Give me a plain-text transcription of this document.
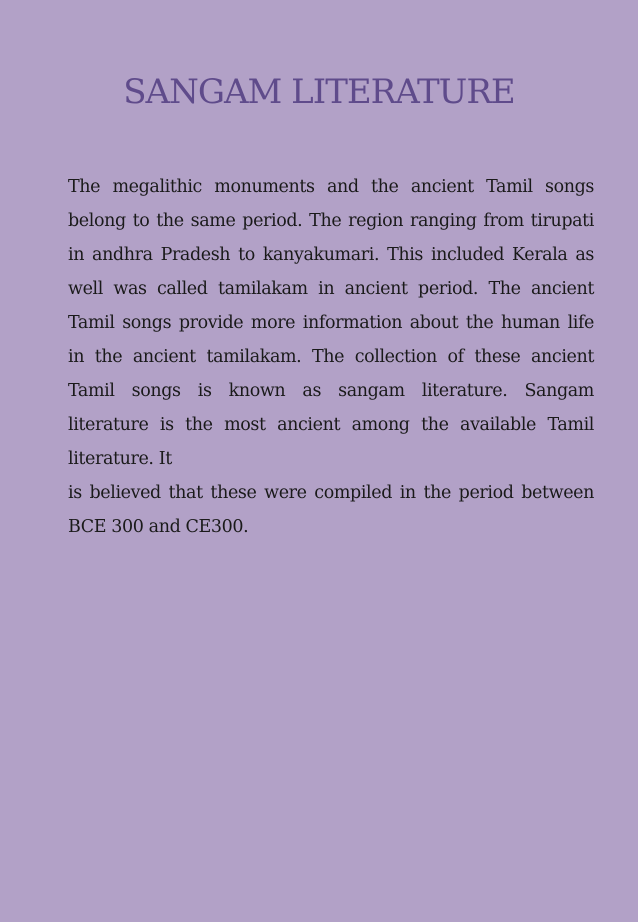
SANGAM LITERATURE

The megalithic monuments and the ancient Tamil songs belong to the same period. The region ranging from tirupati in andhra Pradesh to kanyakumari. This included Kerala as well was called tamilakam in ancient period. The ancient Tamil songs provide more information about the human life in the ancient tamilakam. The collection of these ancient Tamil songs is known as sangam literature. Sangam literature is the most ancient among the available Tamil literature. It

is believed that these were compiled in the period between BCE 300 and CE300.
